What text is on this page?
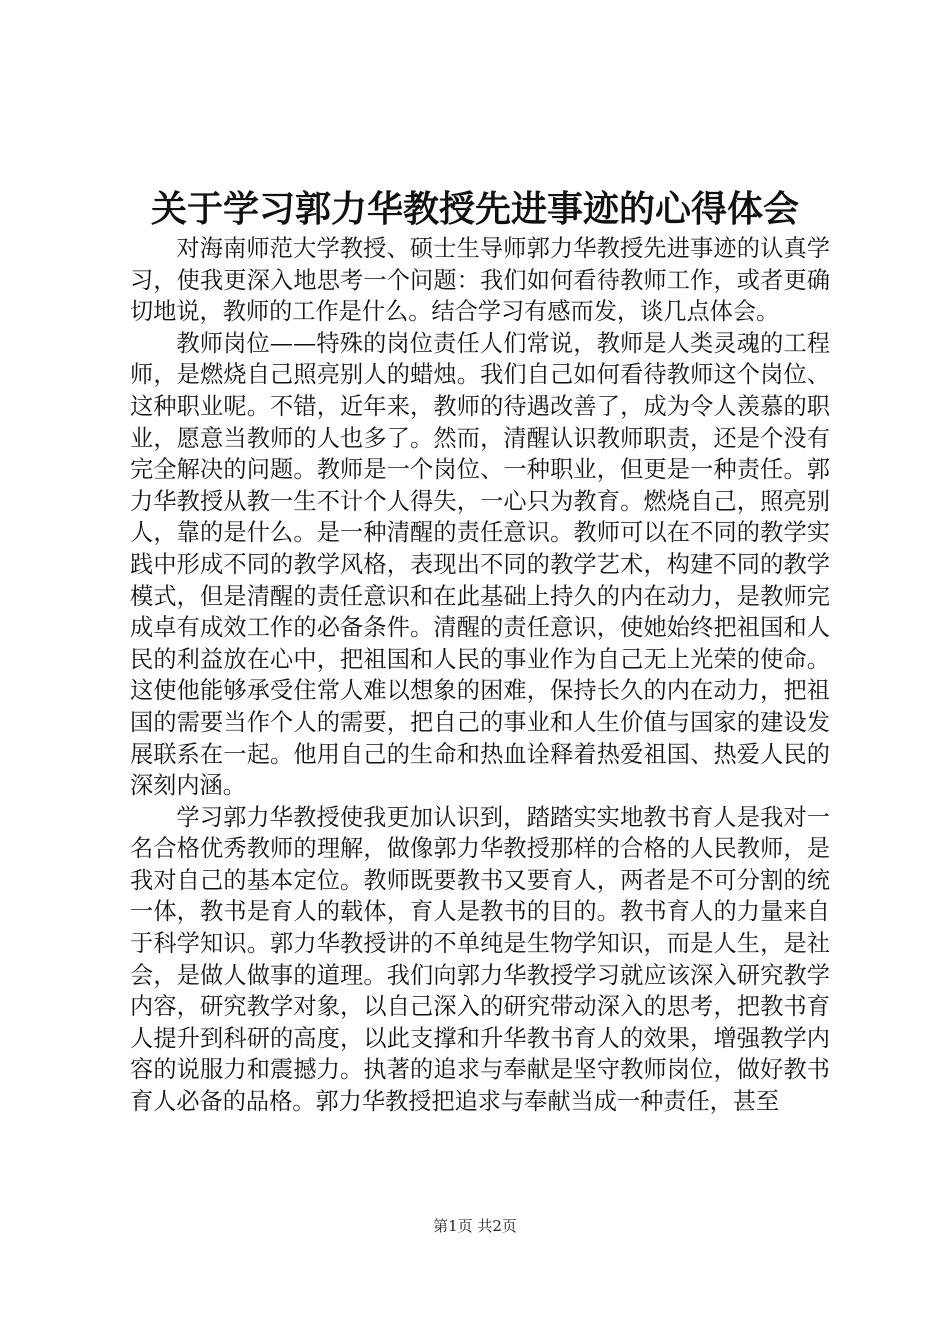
关于学习郭力华教授先进事迹的心得体会

对海南师范大学教授、硕士生导师郭力华教授先进事迹的认真学习，使我更深入地思考一个问题：我们如何看待教师工作，或者更确切地说，教师的工作是什么。结合学习有感而发，谈几点体会。

教师岗位——特殊的岗位责任人们常说，教师是人类灵魂的工程师，是燃烧自己照亮别人的蜡烛。我们自己如何看待教师这个岗位、这种职业呢。不错，近年来，教师的待遇改善了，成为令人羡慕的职业，愿意当教师的人也多了。然而，清醒认识教师职责，还是个没有完全解决的问题。教师是一个岗位、一种职业，但更是一种责任。郭力华教授从教一生不计个人得失，一心只为教育。燃烧自己，照亮别人，靠的是什么。是一种清醒的责任意识。教师可以在不同的教学实践中形成不同的教学风格，表现出不同的教学艺术，构建不同的教学模式，但是清醒的责任意识和在此基础上持久的内在动力，是教师完成卓有成效工作的必备条件。清醒的责任意识，使她始终把祖国和人民的利益放在心中，把祖国和人民的事业作为自己无上光荣的使命。这使他能够承受住常人难以想象的困难，保持长久的内在动力，把祖国的需要当作个人的需要，把自己的事业和人生价值与国家的建设发展联系在一起。他用自己的生命和热血诠释着热爱祖国、热爱人民的深刻内涵。

学习郭力华教授使我更加认识到，踏踏实实地教书育人是我对一名合格优秀教师的理解，做像郭力华教授那样的合格的人民教师，是我对自己的基本定位。教师既要教书又要育人，两者是不可分割的统一体，教书是育人的载体，育人是教书的目的。教书育人的力量来自于科学知识。郭力华教授讲的不单纯是生物学知识，而是人生，是社会，是做人做事的道理。我们向郭力华教授学习就应该深入研究教学内容，研究教学对象，以自己深入的研究带动深入的思考，把教书育人提升到科研的高度，以此支撑和升华教书育人的效果，增强教学内容的说服力和震撼力。执著的追求与奉献是坚守教师岗位，做好教书育人必备的品格。郭力华教授把追求与奉献当成一种责任，甚至

第1页 共2页
